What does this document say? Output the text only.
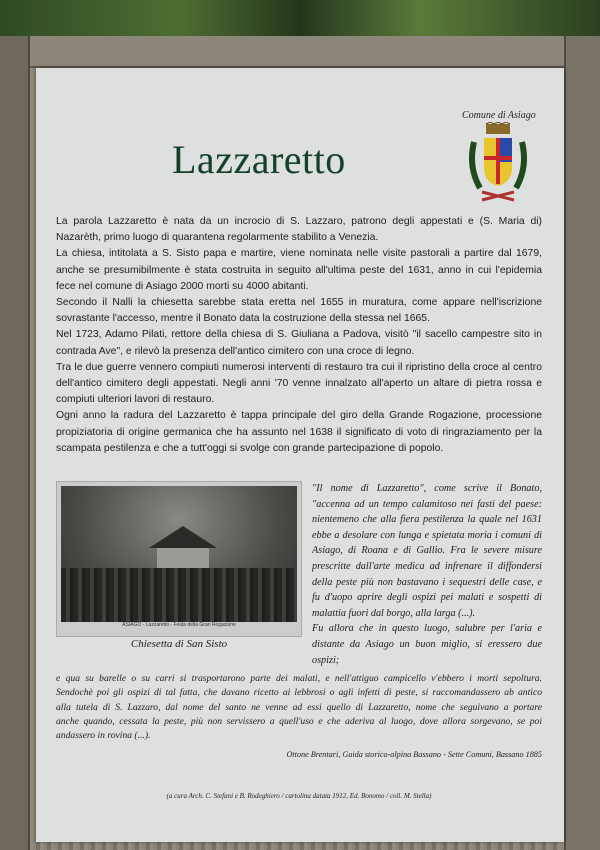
Lazzaretto
Comune di Asiago
La parola Lazzaretto è nata da un incrocio di S. Lazzaro, patrono degli appestati e (S. Maria di)
Nazarèth, primo luogo di quarantena regolarmente stabilito a Venezia.
La chiesa, intitolata a S. Sisto papa e martire, viene nominata nelle visite pastorali a partire dal 1679,
anche se presumibilmente è stata costruita in seguito all'ultima peste del 1631, anno in cui l'epidemia
fece nel comune di Asiago 2000 morti su 4000 abitanti.
Secondo il Nalli la chiesetta sarebbe stata eretta nel 1655 in muratura, come appare nell'iscrizione
sovrastante l'accesso, mentre il Bonato data la costruzione della stessa nel 1665.
Nel 1723, Adamo Pilati, rettore della chiesa di S. Giuliana a Padova, visitò "il sacello campestre sito in
contrada Ave", e rilevò la presenza dell'antico cimitero con una croce di legno.
Tra le due guerre vennero compiuti numerosi interventi di restauro tra cui il ripristino della croce al centro
dell'antico cimitero degli appestati. Negli anni '70 venne innalzato all'aperto un altare di pietra rossa e
compiuti ulteriori lavori di restauro.
Ogni anno la radura del Lazzaretto è tappa principale del giro della Grande Rogazione, processione
propiziatoria di origine germanica che ha assunto nel 1638 il significato di voto di ringraziamento per la
scampata pestilenza e che a tutt'oggi si svolge con grande partecipazione di popolo.
ASIAGO - Lazzaretto - Festa della Gran Rogazione
Chiesetta di San Sisto
"Il nome di Lazzaretto", come scrive il Bonato,
"accenna ad un tempo calamitoso nei fasti del paese:
nientemeno che alla fiera pestilenza la quale nel 1631
ebbe a desolare con lunga e spietata moria i comuni di
Asiago, di Roana e di Gallio. Fra le severe misure
prescritte dall'arte medica ad infrenare il diffondersi
della peste più non bastavano i sequestri delle case, e
fu d'uopo aprire degli ospizi pei malati e sospetti di
malattia fuori dal borgo, alla larga (...).
Fu allora che in questo luogo, salubre per l'aria e
distante da Asiago un buon miglio, si eressero due
ospizi;
e qua su barelle o su carri si trasportarono parte dei malati, e nell'attiguo campicello v'ebbero i morti sepoltura.
Sendochè poi gli ospizi di tal fatta, che davano ricetto ai lebbrosi o agli infetti di peste, si raccomandassero ab antico
alla tutela di S. Lazzaro, dal nome del santo ne venne ad essi quello di Lazzaretto, nome che seguivano a portare
anche quando, cessata la peste, più non servissero a quell'uso e che aderiva al luogo, dove allora sorgevano, se poi
andassero in rovina (...).
Ottone Brentari, Guida storico-alpina Bassano - Sette Comuni, Bassano 1885
(a cura Arch. C. Stefani e B. Rodeghiero / cartolina datata 1912, Ed. Bonomo / coll. M. Stella)
